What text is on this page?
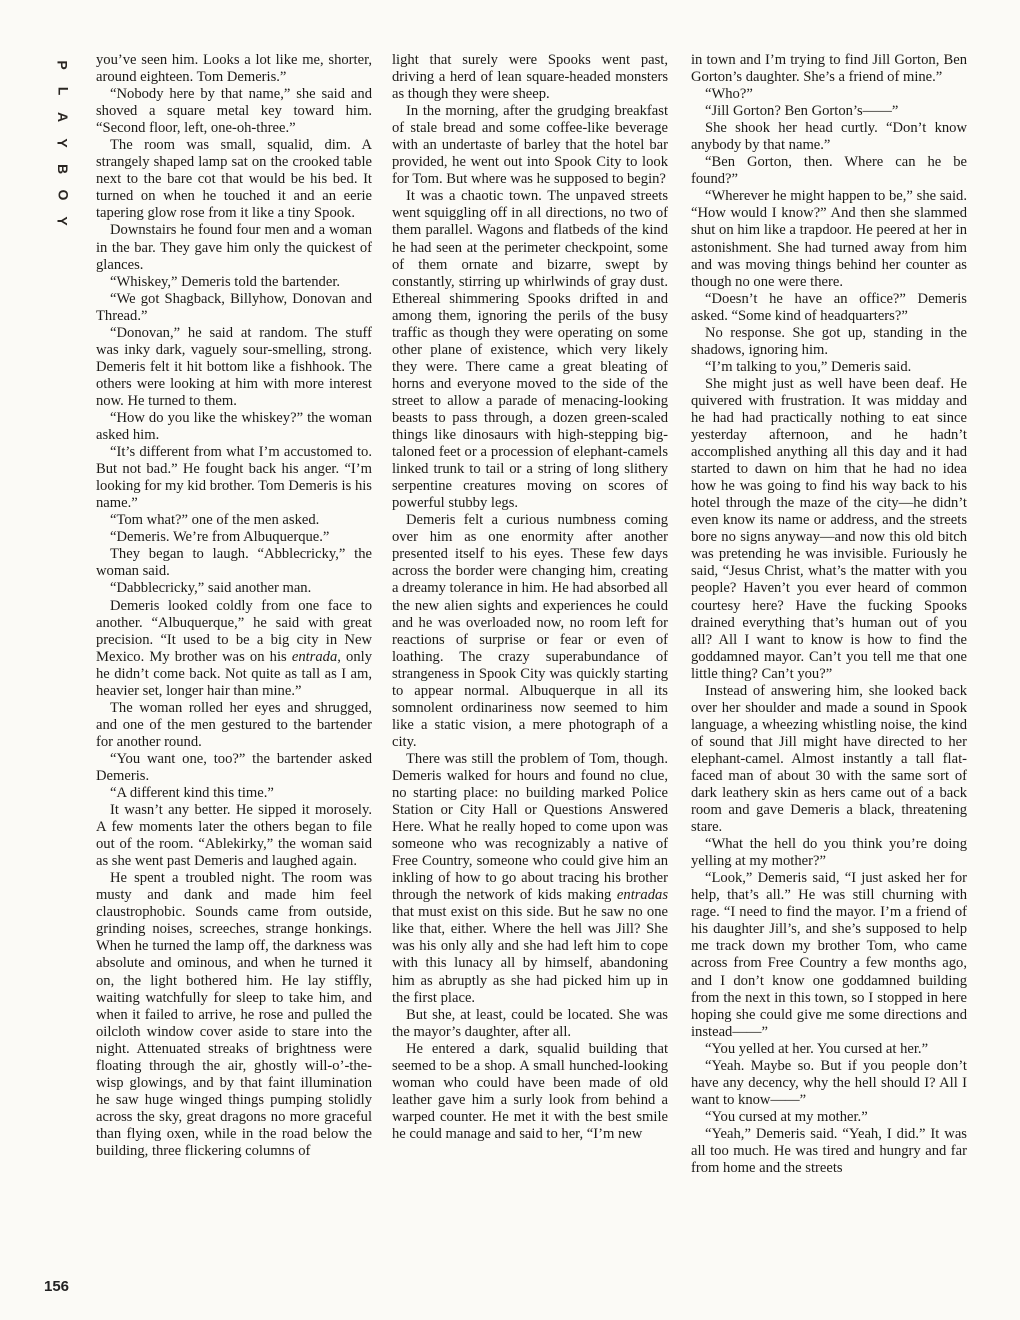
P
L
A
Y
B
O
Y
156

you’ve seen him. Looks a lot like me, shorter, around eighteen. Tom Demeris.”

“Nobody here by that name,” she said and shoved a square metal key toward him. “Second floor, left, one-oh-three.”

The room was small, squalid, dim. A strangely shaped lamp sat on the crooked table next to the bare cot that would be his bed. It turned on when he touched it and an eerie tapering glow rose from it like a tiny Spook.

Downstairs he found four men and a woman in the bar. They gave him only the quickest of glances.

“Whiskey,” Demeris told the bartender.

“We got Shagback, Billyhow, Donovan and Thread.”

“Donovan,” he said at random. The stuff was inky dark, vaguely sour-smelling, strong. Demeris felt it hit bottom like a fishhook. The others were looking at him with more interest now. He turned to them.

“How do you like the whiskey?” the woman asked him.

“It’s different from what I’m accustomed to. But not bad.” He fought back his anger. “I’m looking for my kid brother. Tom Demeris is his name.”

“Tom what?” one of the men asked.

“Demeris. We’re from Albuquerque.”

They began to laugh. “Abblecricky,” the woman said.

“Dabblecricky,” said another man.

Demeris looked coldly from one face to another. “Albuquerque,” he said with great precision. “It used to be a big city in New Mexico. My brother was on his entrada, only he didn’t come back. Not quite as tall as I am, heavier set, longer hair than mine.”

The woman rolled her eyes and shrugged, and one of the men gestured to the bartender for another round.

“You want one, too?” the bartender asked Demeris.

“A different kind this time.”

It wasn’t any better. He sipped it morosely. A few moments later the others began to file out of the room. “Ablekirky,” the woman said as she went past Demeris and laughed again.

He spent a troubled night. The room was musty and dank and made him feel claustrophobic. Sounds came from outside, grinding noises, screeches, strange honkings. When he turned the lamp off, the darkness was absolute and ominous, and when he turned it on, the light bothered him. He lay stiffly, waiting watchfully for sleep to take him, and when it failed to arrive, he rose and pulled the oilcloth window cover aside to stare into the night. Attenuated streaks of brightness were floating through the air, ghostly will-o’-the-wisp glowings, and by that faint illumination he saw huge winged things pumping stolidly across the sky, great dragons no more graceful than flying oxen, while in the road below the building, three flickering columns of

light that surely were Spooks went past, driving a herd of lean square-headed monsters as though they were sheep.

In the morning, after the grudging breakfast of stale bread and some coffee-like beverage with an undertaste of barley that the hotel bar provided, he went out into Spook City to look for Tom. But where was he supposed to begin?

It was a chaotic town. The unpaved streets went squiggling off in all directions, no two of them parallel. Wagons and flatbeds of the kind he had seen at the perimeter checkpoint, some of them ornate and bizarre, swept by constantly, stirring up whirlwinds of gray dust. Ethereal shimmering Spooks drifted in and among them, ignoring the perils of the busy traffic as though they were operating on some other plane of existence, which very likely they were. There came a great bleating of horns and everyone moved to the side of the street to allow a parade of menacing-looking beasts to pass through, a dozen green-scaled things like dinosaurs with high-stepping big-taloned feet or a procession of elephant-camels linked trunk to tail or a string of long slithery serpentine creatures moving on scores of powerful stubby legs.

Demeris felt a curious numbness coming over him as one enormity after another presented itself to his eyes. These few days across the border were changing him, creating a dreamy tolerance in him. He had absorbed all the new alien sights and experiences he could and he was overloaded now, no room left for reactions of surprise or fear or even of loathing. The crazy superabundance of strangeness in Spook City was quickly starting to appear normal. Albuquerque in all its somnolent ordinariness now seemed to him like a static vision, a mere photograph of a city.

There was still the problem of Tom, though. Demeris walked for hours and found no clue, no starting place: no building marked Police Station or City Hall or Questions Answered Here. What he really hoped to come upon was someone who was recognizably a native of Free Country, someone who could give him an inkling of how to go about tracing his brother through the network of kids making entradas that must exist on this side. But he saw no one like that, either. Where the hell was Jill? She was his only ally and she had left him to cope with this lunacy all by himself, abandoning him as abruptly as she had picked him up in the first place.

But she, at least, could be located. She was the mayor’s daughter, after all.

He entered a dark, squalid building that seemed to be a shop. A small hunched-looking woman who could have been made of old leather gave him a surly look from behind a warped counter. He met it with the best smile he could manage and said to her, “I’m new

in town and I’m trying to find Jill Gorton, Ben Gorton’s daughter. She’s a friend of mine.”

“Who?”

“Jill Gorton? Ben Gorton’s——”

She shook her head curtly. “Don’t know anybody by that name.”

“Ben Gorton, then. Where can he be found?”

“Wherever he might happen to be,” she said. “How would I know?” And then she slammed shut on him like a trapdoor. He peered at her in astonishment. She had turned away from him and was moving things behind her counter as though no one were there.

“Doesn’t he have an office?” Demeris asked. “Some kind of headquarters?”

No response. She got up, standing in the shadows, ignoring him.

“I’m talking to you,” Demeris said.

She might just as well have been deaf. He quivered with frustration. It was midday and he had had practically nothing to eat since yesterday afternoon, and he hadn’t accomplished anything all this day and it had started to dawn on him that he had no idea how he was going to find his way back to his hotel through the maze of the city—he didn’t even know its name or address, and the streets bore no signs anyway—and now this old bitch was pretending he was invisible. Furiously he said, “Jesus Christ, what’s the matter with you people? Haven’t you ever heard of common courtesy here? Have the fucking Spooks drained everything that’s human out of you all? All I want to know is how to find the goddamned mayor. Can’t you tell me that one little thing? Can’t you?”

Instead of answering him, she looked back over her shoulder and made a sound in Spook language, a wheezing whistling noise, the kind of sound that Jill might have directed to her elephant-camel. Almost instantly a tall flat-faced man of about 30 with the same sort of dark leathery skin as hers came out of a back room and gave Demeris a black, threatening stare.

“What the hell do you think you’re doing yelling at my mother?”

“Look,” Demeris said, “I just asked her for help, that’s all.” He was still churning with rage. “I need to find the mayor. I’m a friend of his daughter Jill’s, and she’s supposed to help me track down my brother Tom, who came across from Free Country a few months ago, and I don’t know one goddamned building from the next in this town, so I stopped in here hoping she could give me some directions and instead——”

“You yelled at her. You cursed at her.”

“Yeah. Maybe so. But if you people don’t have any decency, why the hell should I? All I want to know——”

“You cursed at my mother.”

“Yeah,” Demeris said. “Yeah, I did.” It was all too much. He was tired and hungry and far from home and the streets
